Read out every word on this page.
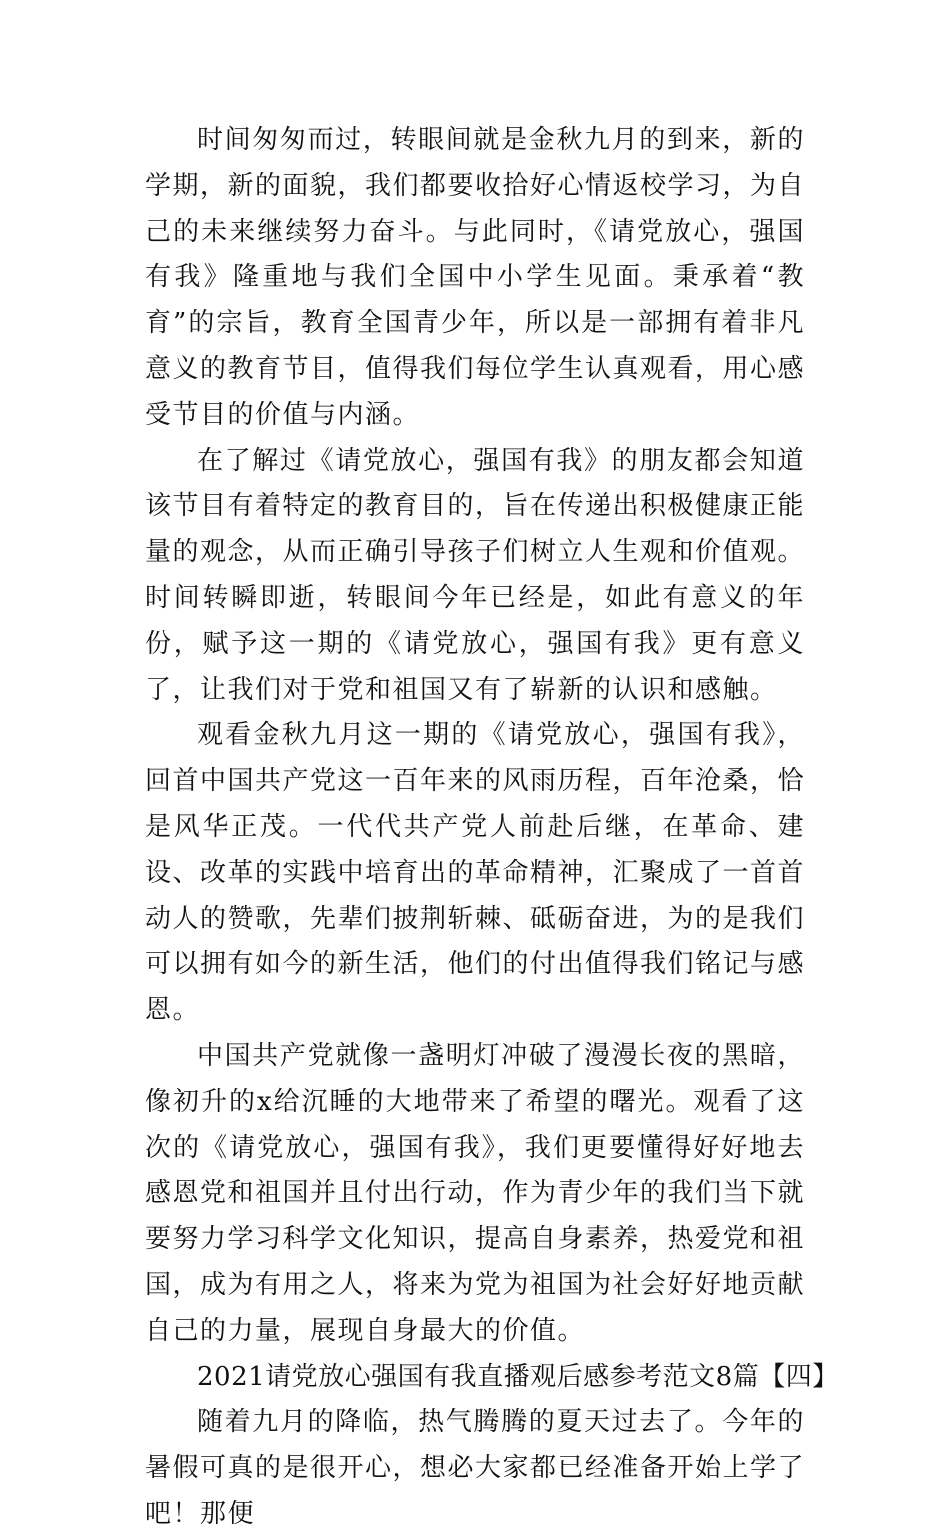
时间匆匆而过，转眼间就是金秋九月的到来，新的学期，新的面貌，我们都要收拾好心情返校学习，为自己的未来继续努力奋斗。与此同时，《请党放心，强国有我》隆重地与我们全国中小学生见面。秉承着“教育”的宗旨，教育全国青少年，所以是一部拥有着非凡意义的教育节目，值得我们每位学生认真观看，用心感受节目的价值与内涵。

在了解过《请党放心，强国有我》的朋友都会知道该节目有着特定的教育目的，旨在传递出积极健康正能量的观念，从而正确引导孩子们树立人生观和价值观。时间转瞬即逝，转眼间今年已经是，如此有意义的年份，赋予这一期的《请党放心，强国有我》更有意义了，让我们对于党和祖国又有了崭新的认识和感触。

观看金秋九月这一期的《请党放心，强国有我》，回首中国共产党这一百年来的风雨历程，百年沧桑，恰是风华正茂。一代代共产党人前赴后继，在革命、建设、改革的实践中培育出的革命精神，汇聚成了一首首动人的赞歌，先辈们披荆斩棘、砥砺奋进，为的是我们可以拥有如今的新生活，他们的付出值得我们铭记与感恩。

中国共产党就像一盏明灯冲破了漫漫长夜的黑暗，像初升的x给沉睡的大地带来了希望的曙光。观看了这次的《请党放心，强国有我》，我们更要懂得好好地去感恩党和祖国并且付出行动，作为青少年的我们当下就要努力学习科学文化知识，提高自身素养，热爱党和祖国，成为有用之人，将来为党为祖国为社会好好地贡献自己的力量，展现自身最大的价值。

2021请党放心强国有我直播观后感参考范文8篇【四】

随着九月的降临，热气腾腾的夏天过去了。今年的暑假可真的是很开心，想必大家都已经准备开始上学了吧！那便
